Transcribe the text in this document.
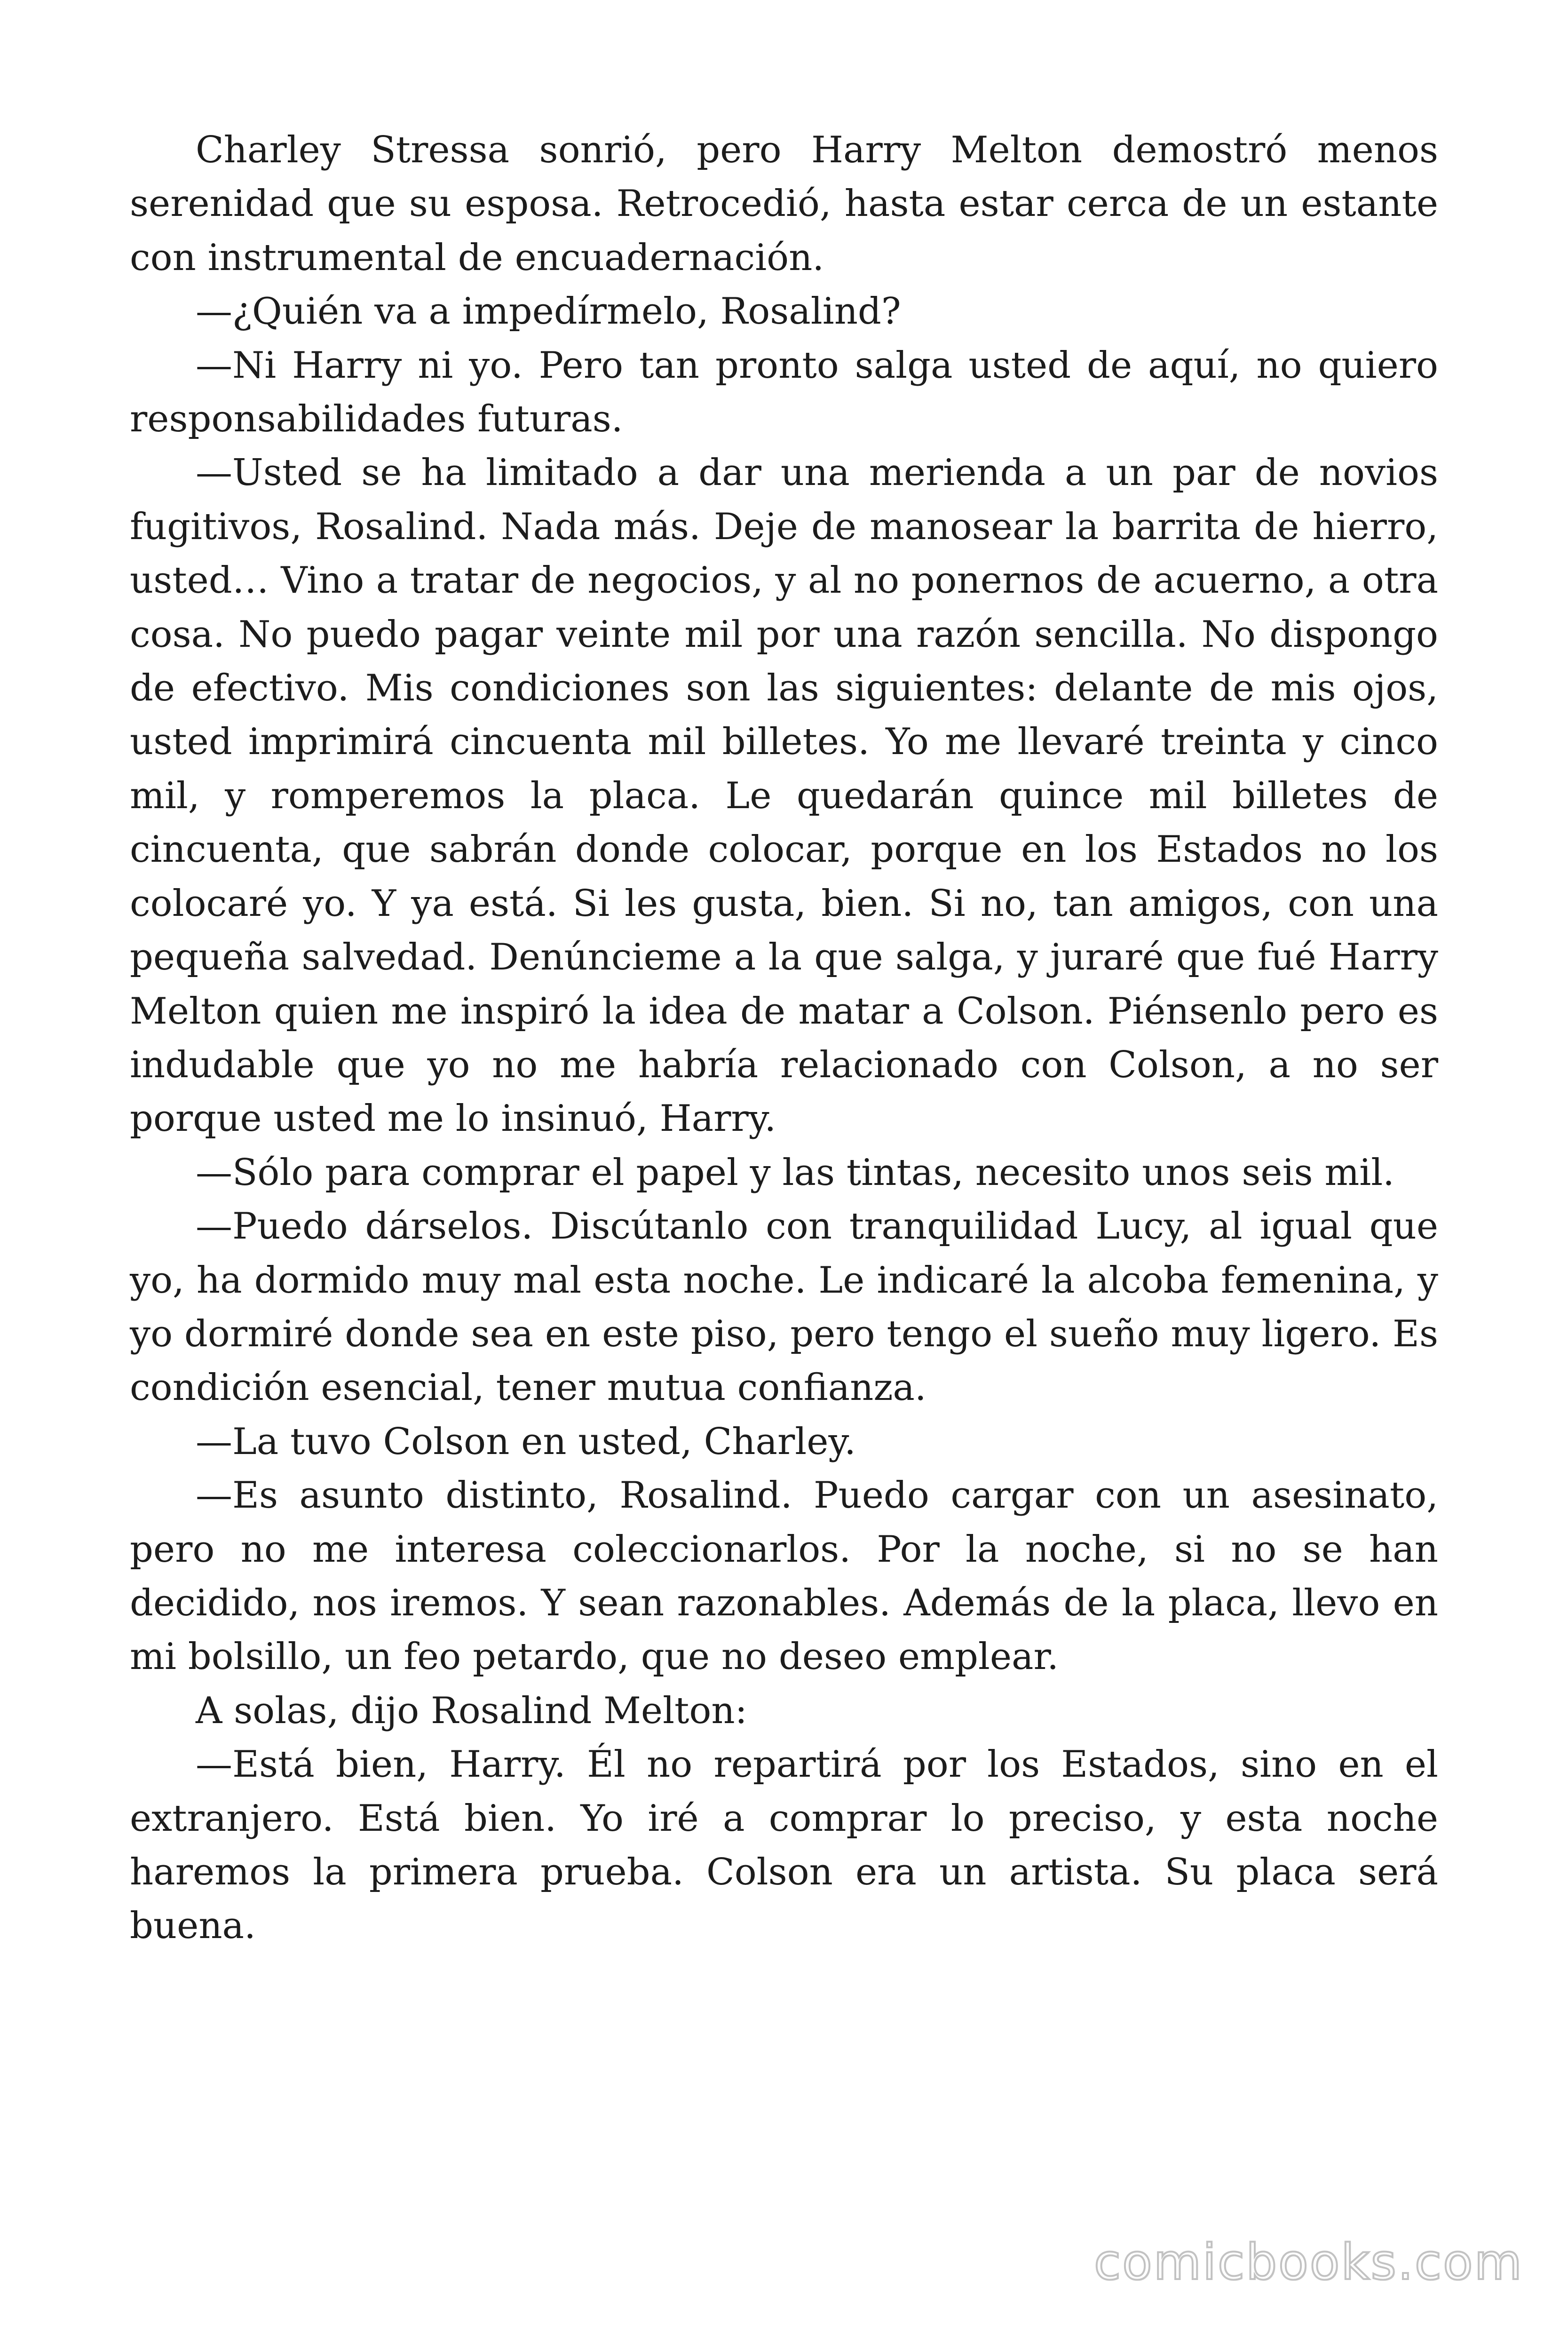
Charley Stressa sonrió, pero Harry Melton demostró menos serenidad que su esposa. Retrocedió, hasta estar cerca de un estante con instrumental de encuadernación.

—¿Quién va a impedírmelo, Rosalind?

—Ni Harry ni yo. Pero tan pronto salga usted de aquí, no quiero responsabilidades futuras.

—Usted se ha limitado a dar una merienda a un par de novios fugitivos, Rosalind. Nada más. Deje de manosear la barrita de hierro, usted… Vino a tratar de negocios, y al no ponernos de acuerno, a otra cosa. No puedo pagar veinte mil por una razón sencilla. No dispongo de efectivo. Mis condiciones son las siguientes: delante de mis ojos, usted imprimirá cincuenta mil billetes. Yo me llevaré treinta y cinco mil, y romperemos la placa. Le quedarán quince mil billetes de cincuenta, que sabrán donde colocar, porque en los Estados no los colocaré yo. Y ya está. Si les gusta, bien. Si no, tan amigos, con una pequeña salvedad. Denúncieme a la que salga, y juraré que fué Harry Melton quien me inspiró la idea de matar a Colson. Piénsenlo pero es indudable que yo no me habría relacionado con Colson, a no ser porque usted me lo insinuó, Harry.

—Sólo para comprar el papel y las tintas, necesito unos seis mil.

—Puedo dárselos. Discútanlo con tranquilidad Lucy, al igual que yo, ha dormido muy mal esta noche. Le indicaré la alcoba femenina, y yo dormiré donde sea en este piso, pero tengo el sueño muy ligero. Es condición esencial, tener mutua confianza.

—La tuvo Colson en usted, Charley.

—Es asunto distinto, Rosalind. Puedo cargar con un asesinato, pero no me interesa coleccionarlos. Por la noche, si no se han decidido, nos iremos. Y sean razonables. Además de la placa, llevo en mi bolsillo, un feo petardo, que no deseo emplear.

A solas, dijo Rosalind Melton:

—Está bien, Harry. Él no repartirá por los Estados, sino en el extranjero. Está bien. Yo iré a comprar lo preciso, y esta noche haremos la primera prueba. Colson era un artista. Su placa será buena.

comicbooks.com
